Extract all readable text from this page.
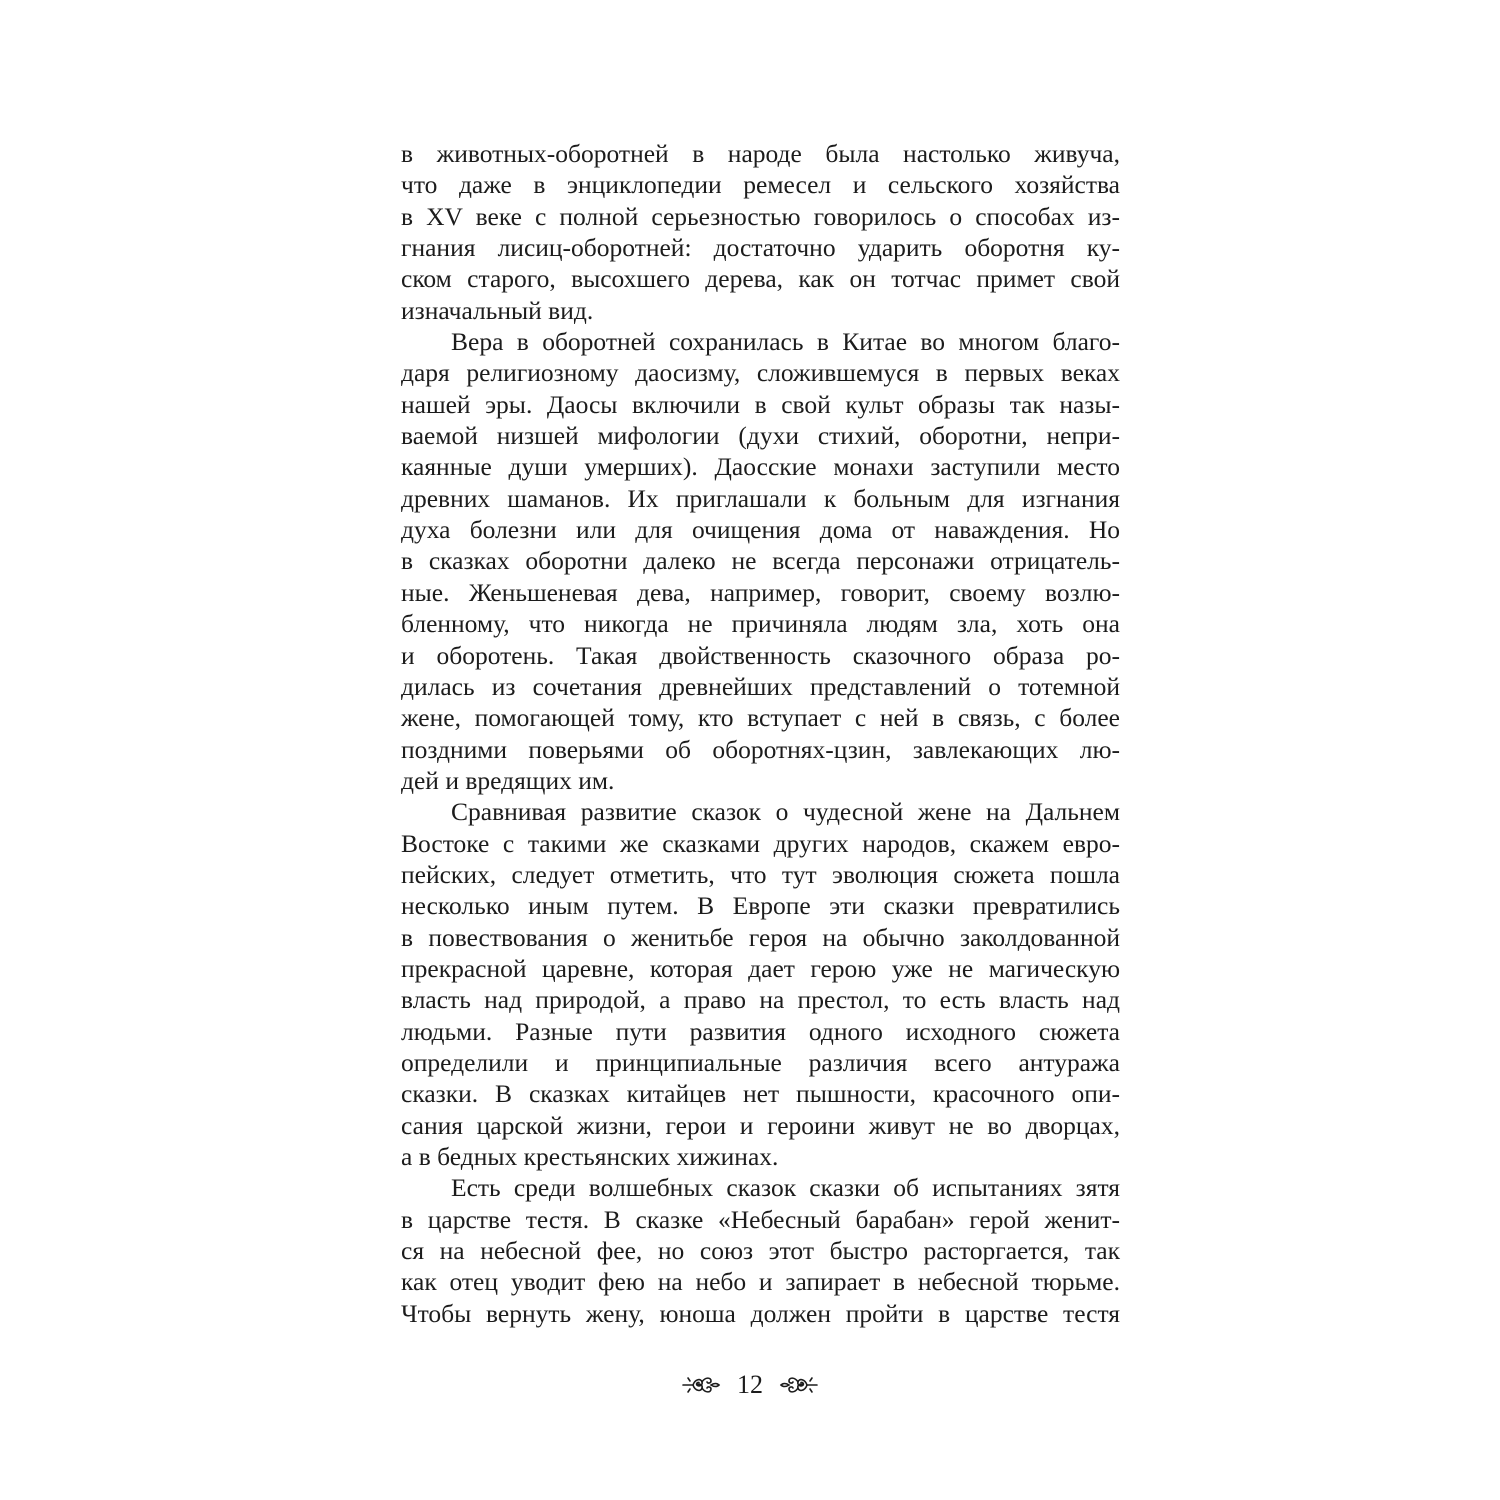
в животных-оборотней в народе была настолько живуча,
что даже в энциклопедии ремесел и сельского хозяйства
в XV веке с полной серьезностью говорилось о способах из-
гнания лисиц-оборотней: достаточно ударить оборотня ку-
ском старого, высохшего дерева, как он тотчас примет свой
изначальный вид.
Вера в оборотней сохранилась в Китае во многом благо-
даря религиозному даосизму, сложившемуся в первых веках
нашей эры. Даосы включили в свой культ образы так назы-
ваемой низшей мифологии (духи стихий, оборотни, непри-
каянные души умерших). Даосские монахи заступили место
древних шаманов. Их приглашали к больным для изгнания
духа болезни или для очищения дома от наваждения. Но
в сказках оборотни далеко не всегда персонажи отрицатель-
ные. Женьшеневая дева, например, говорит, своему возлю-
бленному, что никогда не причиняла людям зла, хоть она
и оборотень. Такая двойственность сказочного образа ро-
дилась из сочетания древнейших представлений о тотемной
жене, помогающей тому, кто вступает с ней в связь, с более
поздними поверьями об оборотнях-цзин, завлекающих лю-
дей и вредящих им.
Сравнивая развитие сказок о чудесной жене на Дальнем
Востоке с такими же сказками других народов, скажем евро-
пейских, следует отметить, что тут эволюция сюжета пошла
несколько иным путем. В Европе эти сказки превратились
в повествования о женитьбе героя на обычно заколдованной
прекрасной царевне, которая дает герою уже не магическую
власть над природой, а право на престол, то есть власть над
людьми. Разные пути развития одного исходного сюжета
определили и принципиальные различия всего антуража
сказки. В сказках китайцев нет пышности, красочного опи-
сания царской жизни, герои и героини живут не во дворцах,
а в бедных крестьянских хижинах.
Есть среди волшебных сказок сказки об испытаниях зятя
в царстве тестя. В сказке «Небесный барабан» герой женит-
ся на небесной фее, но союз этот быстро расторгается, так
как отец уводит фею на небо и запирает в небесной тюрьме.
Чтобы вернуть жену, юноша должен пройти в царстве тестя
12
